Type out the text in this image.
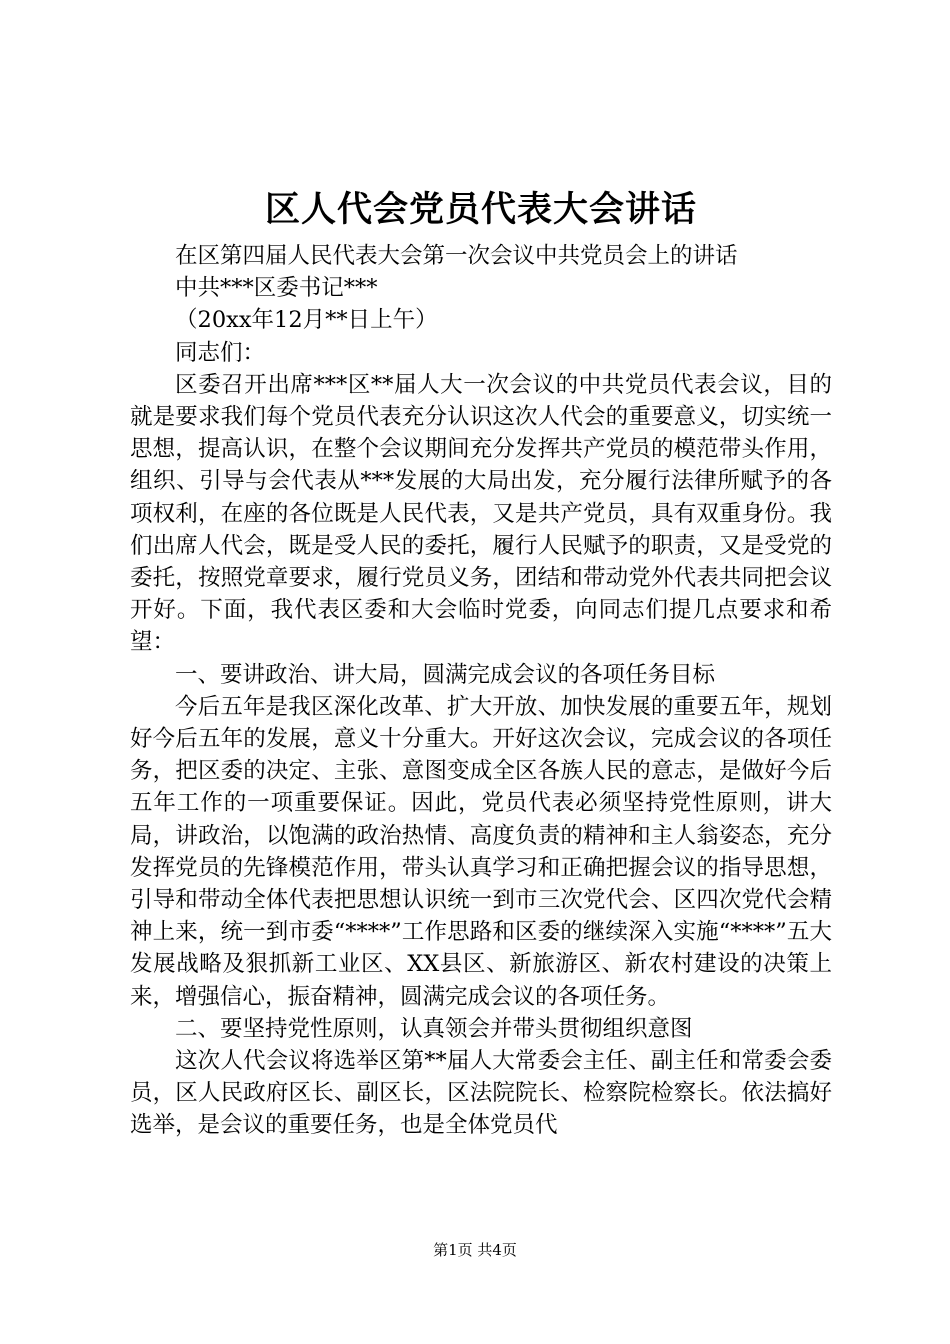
区人代会党员代表大会讲话

在区第四届人民代表大会第一次会议中共党员会上的讲话

中共***区委书记***

（20xx年12月**日上午）

同志们：

区委召开出席***区**届人大一次会议的中共党员代表会议，目的就是要求我们每个党员代表充分认识这次人代会的重要意义，切实统一思想，提高认识，在整个会议期间充分发挥共产党员的模范带头作用，组织、引导与会代表从***发展的大局出发，充分履行法律所赋予的各项权利，在座的各位既是人民代表，又是共产党员，具有双重身份。我们出席人代会，既是受人民的委托，履行人民赋予的职责，又是受党的委托，按照党章要求，履行党员义务，团结和带动党外代表共同把会议开好。下面，我代表区委和大会临时党委，向同志们提几点要求和希望：

一、要讲政治、讲大局，圆满完成会议的各项任务目标

今后五年是我区深化改革、扩大开放、加快发展的重要五年，规划好今后五年的发展，意义十分重大。开好这次会议，完成会议的各项任务，把区委的决定、主张、意图变成全区各族人民的意志，是做好今后五年工作的一项重要保证。因此，党员代表必须坚持党性原则，讲大局，讲政治，以饱满的政治热情、高度负责的精神和主人翁姿态，充分发挥党员的先锋模范作用，带头认真学习和正确把握会议的指导思想，引导和带动全体代表把思想认识统一到市三次党代会、区四次党代会精神上来，统一到市委“****”工作思路和区委的继续深入实施“****”五大发展战略及狠抓新工业区、XX县区、新旅游区、新农村建设的决策上来，增强信心，振奋精神，圆满完成会议的各项任务。

二、要坚持党性原则，认真领会并带头贯彻组织意图

这次人代会议将选举区第**届人大常委会主任、副主任和常委会委员，区人民政府区长、副区长，区法院院长、检察院检察长。依法搞好选举，是会议的重要任务，也是全体党员代

第1页 共4页
